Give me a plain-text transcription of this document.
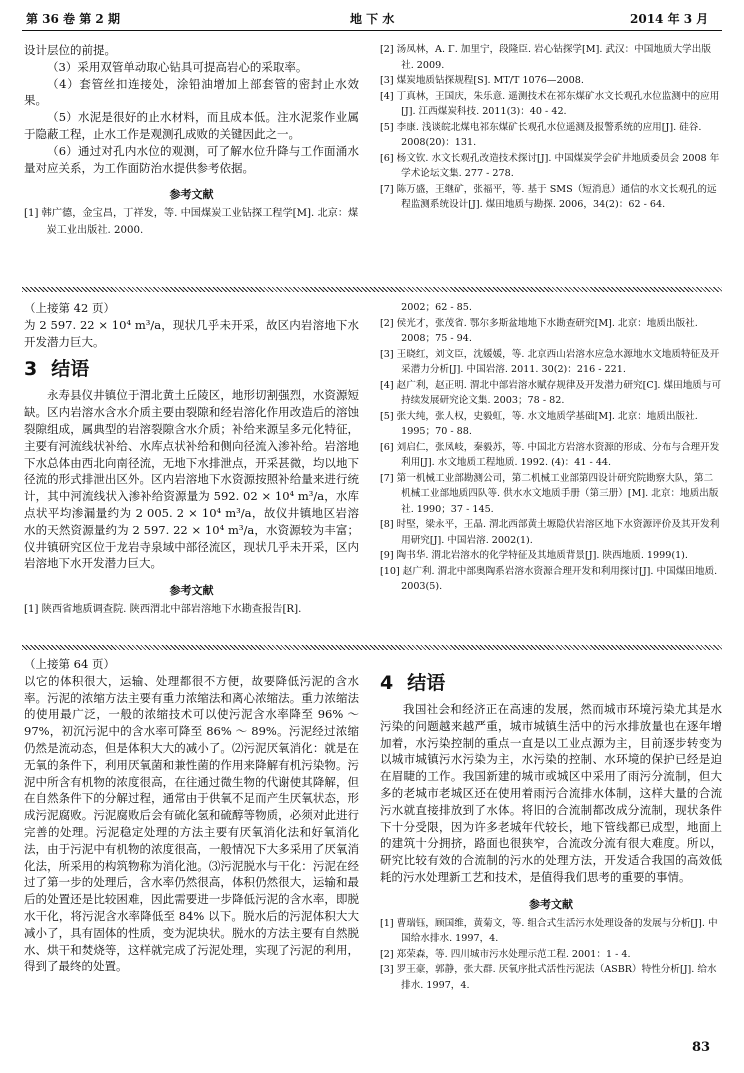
第 36 卷 第 2 期	地 下 水	2014 年 3 月

设计层位的前提。

（3）采用双管单动取心钻具可提高岩心的采取率。

（4）套管丝扣连接处，涂铅油增加上部套管的密封止水效果。

（5）水泥是很好的止水材料，而且成本低。注水泥浆作业属于隐蔽工程，止水工作是观测孔成败的关键因此之一。

（6）通过对孔内水位的观测，可了解水位升降与工作面涌水量对应关系，为工作面防治水提供参考依据。

参考文献
[1] 韩广德，金宝昌，丁祥发，等. 中国煤炭工业钻探工程学[M]. 北京：煤炭工业出版社. 2000.
[2] 汤凤林，A. Γ. 加里宁，段隆臣. 岩心钻探学[M]. 武汉：中国地质大学出版社. 2009.
[3] 煤炭地质钻探规程[S]. MT/T 1076—2008.
[4] 丁真林，王国庆，朱乐意. 遥测技术在祁东煤矿水文长观孔水位监测中的应用[J]. 江西煤炭科技. 2011(3)：40 - 42.
[5] 李康. 浅谈皖北煤电祁东煤矿长观孔水位遥测及报警系统的应用[J]. 硅谷. 2008(20)：131.
[6] 杨文钦. 水文长观孔改造技术探讨[J]. 中国煤炭学会矿井地质委员会 2008 年学术论坛文集. 277 - 278.
[7] 陈万盛，王继矿，张福平，等. 基于 SMS（短消息）通信的水文长观孔的远程监测系统设计[J]. 煤田地质与勘探. 2006，34(2)：62 - 64.
（上接第 42 页）

为 2 597. 22 × 10⁴ m³/a，现状几乎未开采，故区内岩溶地下水开发潜力巨大。

3 结语

永寿县仪井镇位于渭北黄土丘陵区，地形切割强烈，水资源短缺。区内岩溶水含水介质主要由裂隙和经岩溶化作用改造后的溶蚀裂隙组成，属典型的岩溶裂隙含水介质；补给来源呈多元化特征，主要有河流线状补给、水库点状补给和侧向径流入渗补给。岩溶地下水总体由西北向南径流，无地下水排泄点，开采甚微，均以地下径流的形式排泄出区外。区内岩溶地下水资源按照补给量来进行统计，其中河流线状入渗补给资源量为 592. 02 × 10⁴ m³/a，水库点状平均渗漏量约为 2 005. 2 × 10⁴ m³/a，故仪井镇地区岩溶水的天然资源量约为 2 597. 22 × 10⁴ m³/a，水资源较为丰富；仪井镇研究区位于龙岩寺泉域中部径流区，现状几乎未开采，区内岩溶地下水开发潜力巨大。

参考文献
[1] 陕西省地质调查院. 陕西渭北中部岩溶地下水勘查报告[R].
2002；62 - 85.
[2] 侯光才，张茂省. 鄂尔多斯盆地地下水勘查研究[M]. 北京：地质出版社. 2008；75 - 94.
[3] 王晓红，刘文臣，沈媛媛，等. 北京西山岩溶水应急水源地水文地质特征及开采潜力分析[J]. 中国岩溶. 2011. 30(2)：216 - 221.
[4] 赵广利，赵正明. 渭北中部岩溶水赋存规律及开发潜力研究[C]. 煤田地质与可持续发展研究论文集. 2003；78 - 82.
[5] 张大纯，张人权，史毅虹，等. 水文地质学基础[M]. 北京：地质出版社. 1995；70 - 88.
[6] 刘启仁，张凤岐，秦毅苏，等. 中国北方岩溶水资源的形成、分布与合理开发利用[J]. 水文地质工程地质. 1992. (4)：41 - 44.
[7] 第一机械工业部勘测公司，第二机械工业部第四设计研究院勘察大队，第二机械工业部地质四队等. 供水水文地质手册（第三册）[M]. 北京：地质出版社. 1990；37 - 145.
[8] 时堅，梁永平，王晶. 渭北西部黄土塬隐伏岩溶区地下水资源评价及其开发利用研究[J]. 中国岩溶. 2002(1).
[9] 陶书华. 渭北岩溶水的化学特征及其地质背景[J]. 陕西地质. 1999(1).
[10] 赵广利. 渭北中部奥陶系岩溶水资源合理开发和利用探讨[J]. 中国煤田地质. 2003(5).
（上接第 64 页）

以它的体积很大，运输、处理都很不方便，故要降低污泥的含水率。污泥的浓缩方法主要有重力浓缩法和离心浓缩法。重力浓缩法的使用最广泛，一般的浓缩技术可以使污泥含水率降至 96% ～ 97%，初沉污泥中的含水率可降至 86% ～ 89%。污泥经过浓缩仍然是流动态，但是体积大大的减小了。⑵污泥厌氧消化：就是在无氧的条件下，利用厌氧菌和兼性菌的作用来降解有机污染物。污泥中所含有机物的浓度很高，在往通过微生物的代谢使其降解，但在自然条件下的分解过程，通常由于供氧不足而产生厌氧状态，形成污泥腐败。污泥腐败后会有硫化氢和硫醇等物质，必须对此进行完善的处理。污泥稳定处理的方法主要有厌氧消化法和好氧消化法，由于污泥中有机物的浓度很高，一般情况下大多采用了厌氧消化法，所采用的构筑物称为消化池。⑶污泥脱水与干化：污泥在经过了第一步的处理后，含水率仍然很高，体积仍然很大，运输和最后的处置还是比较困难，因此需要进一步降低污泥的含水率，即脱水干化，将污泥含水率降低至 84% 以下。脱水后的污泥体积大大减小了，具有固体的性质，变为泥块状。脱水的方法主要有自然脱水、烘干和焚烧等，这样就完成了污泥处理，实现了污泥的利用，得到了最终的处置。

4 结语

我国社会和经济正在高速的发展，然而城市环境污染尤其是水污染的问题越来越严重，城市城镇生活中的污水排放量也在逐年增加着，水污染控制的重点一直是以工业点源为主，目前逐步转变为以城市城镇污水污染为主，水污染的控制、水环境的保护已经是迫在眉睫的工作。我国新建的城市或城区中采用了雨污分流制，但大多的老城市老城区还在使用着雨污合流排水体制，这样大量的合流污水就直接排放到了水体。将旧的合流制都改成分流制，现状条件下十分受限，因为许多老城年代较长，地下管线都已成型，地面上的建筑十分拥挤，路面也很狭窄，合流改分流有很大难度。所以，研究比较有效的合流制的污水的处理方法，开发适合我国的高效低耗的污水处理新工艺和技术，是值得我们思考的重要的事情。

参考文献
[1] 曹瑞钰，顾国维，黄菊文，等. 组合式生活污水处理设备的发展与分析[J]. 中国给水排水. 1997，4.
[2] 郑荣森，等. 四川城市污水处理示范工程. 2001：1 - 4.
[3] 罗王豪，郭静，张大群. 厌氧序批式活性污泥法（ASBR）特性分析[J]. 给水排水. 1997，4.
83
